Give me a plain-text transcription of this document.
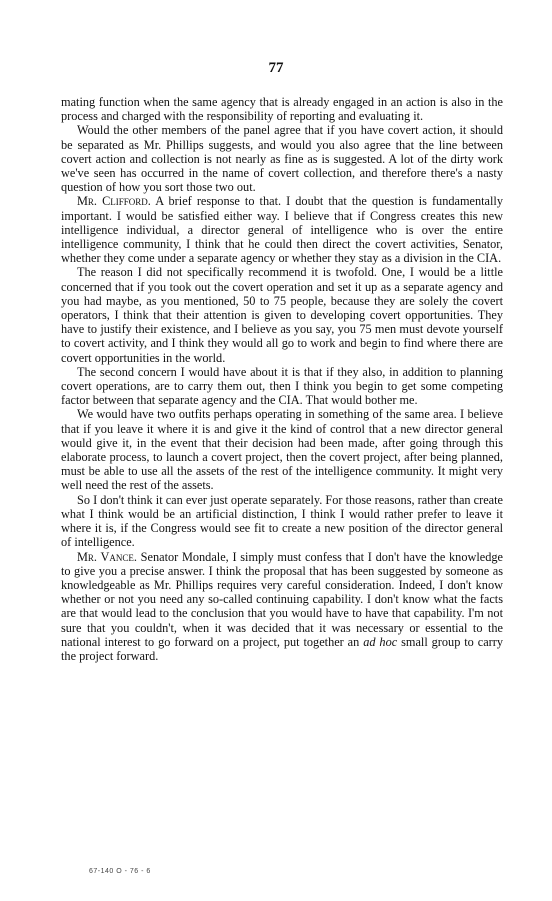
77

mating function when the same agency that is already engaged in an action is also in the process and charged with the responsibility of reporting and evaluating it.

Would the other members of the panel agree that if you have covert action, it should be separated as Mr. Phillips suggests, and would you also agree that the line between covert action and collection is not nearly as fine as is suggested. A lot of the dirty work we've seen has occurred in the name of covert collection, and therefore there's a nasty question of how you sort those two out.

Mr. Clifford. A brief response to that. I doubt that the question is fundamentally important. I would be satisfied either way. I believe that if Congress creates this new intelligence individual, a director general of intelligence who is over the entire intelligence community, I think that he could then direct the covert activities, Senator, whether they come under a separate agency or whether they stay as a division in the CIA.

The reason I did not specifically recommend it is twofold. One, I would be a little concerned that if you took out the covert operation and set it up as a separate agency and you had maybe, as you mentioned, 50 to 75 people, because they are solely the covert operators, I think that their attention is given to developing covert opportunities. They have to justify their existence, and I believe as you say, you 75 men must devote yourself to covert activity, and I think they would all go to work and begin to find where there are covert opportunities in the world.

The second concern I would have about it is that if they also, in addition to planning covert operations, are to carry them out, then I think you begin to get some competing factor between that separate agency and the CIA. That would bother me.

We would have two outfits perhaps operating in something of the same area. I believe that if you leave it where it is and give it the kind of control that a new director general would give it, in the event that their decision had been made, after going through this elaborate process, to launch a covert project, then the covert project, after being planned, must be able to use all the assets of the rest of the intelligence community. It might very well need the rest of the assets.

So I don't think it can ever just operate separately. For those reasons, rather than create what I think would be an artificial distinction, I think I would rather prefer to leave it where it is, if the Congress would see fit to create a new position of the director general of intelligence.

Mr. Vance. Senator Mondale, I simply must confess that I don't have the knowledge to give you a precise answer. I think the proposal that has been suggested by someone as knowledgeable as Mr. Phillips requires very careful consideration. Indeed, I don't know whether or not you need any so-called continuing capability. I don't know what the facts are that would lead to the conclusion that you would have to have that capability. I'm not sure that you couldn't, when it was decided that it was necessary or essential to the national interest to go forward on a project, put together an ad hoc small group to carry the project forward.

67-140 O - 76 - 6
